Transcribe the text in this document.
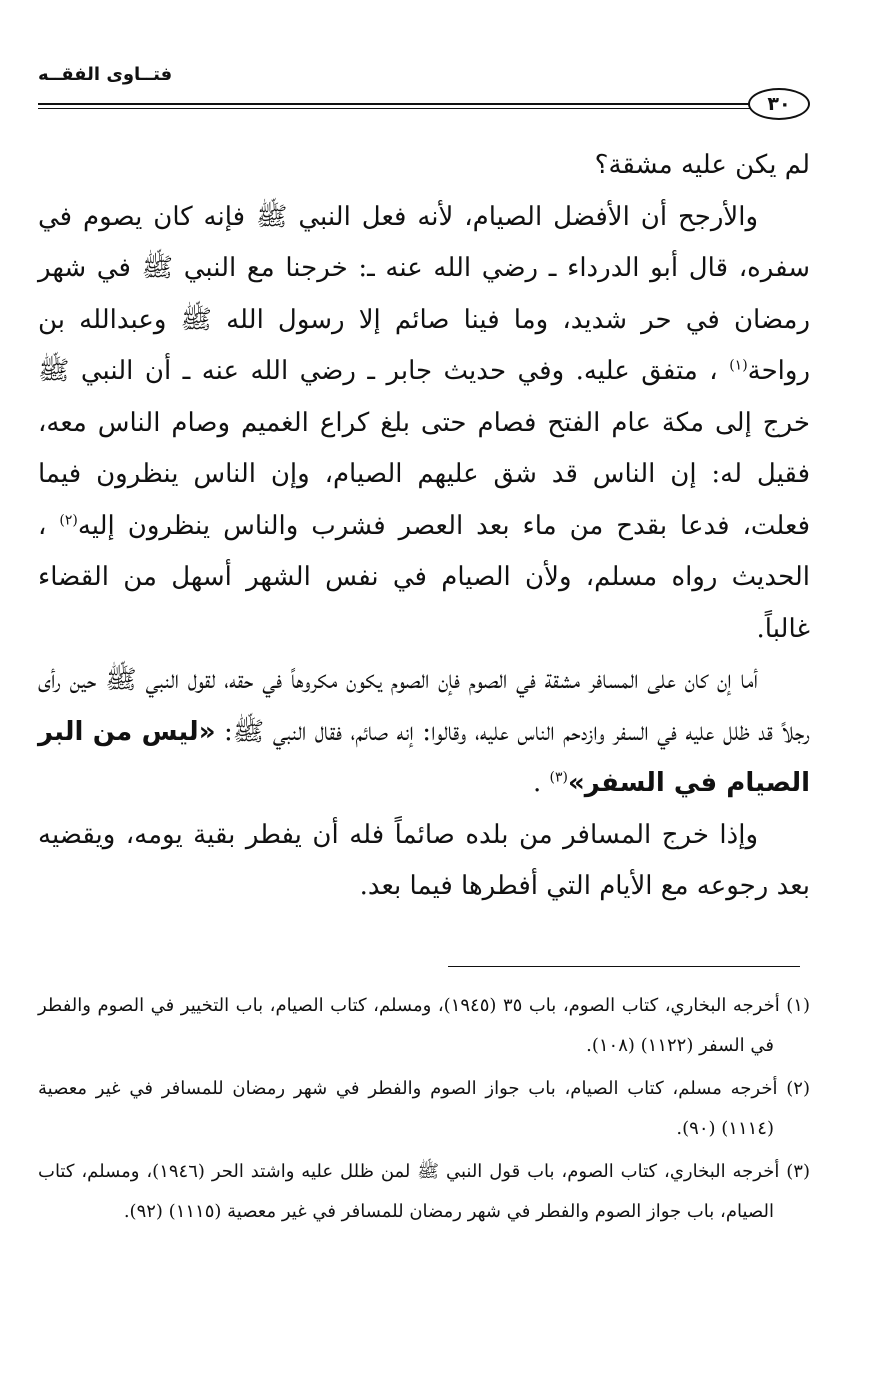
فتــاوى الفقــه
٣٠

لم يكن عليه مشقة؟

والأرجح أن الأفضل الصيام، لأنه فعل النبي ﷺ فإنه كان يصوم في سفره، قال أبو الدرداء ـ رضي الله عنه ـ: خرجنا مع النبي ﷺ في شهر رمضان في حر شديد، وما فينا صائم إلا رسول الله ﷺ وعبدالله بن رواحة$^{(١)}$ ، متفق عليه. وفي حديث جابر ـ رضي الله عنه ـ أن النبي ﷺ خرج إلى مكة عام الفتح فصام حتى بلغ كراع الغميم وصام الناس معه، فقيل له: إن الناس قد شق عليهم الصيام، وإن الناس ينظرون فيما فعلت، فدعا بقدح من ماء بعد العصر فشرب والناس ينظرون إليه$^{(٢)}$ ، الحديث رواه مسلم، ولأن الصيام في نفس الشهر أسهل من القضاء غالباً.

أما إن كان على المسافر مشقة في الصوم فإن الصوم يكون مكروهاً في حقه، لقول النبي ﷺ حين رأى رجلاً قد ظلل عليه في السفر وازدحم الناس عليه، وقالوا: إنه صائم، فقال النبي ﷺ: «ليس من البر الصيام في السفر»$^{(٣)}$ .

وإذا خرج المسافر من بلده صائماً فله أن يفطر بقية يومه، ويقضيه بعد رجوعه مع الأيام التي أفطرها فيما بعد.

(١) أخرجه البخاري، كتاب الصوم، باب ٣٥ (١٩٤٥)، ومسلم، كتاب الصيام، باب التخيير في الصوم والفطر في السفر (١١٢٢) (١٠٨).

(٢) أخرجه مسلم، كتاب الصيام، باب جواز الصوم والفطر في شهر رمضان للمسافر في غير معصية (١١١٤) (٩٠).

(٣) أخرجه البخاري، كتاب الصوم، باب قول النبي ﷺ لمن ظلل عليه واشتد الحر (١٩٤٦)، ومسلم، كتاب الصيام، باب جواز الصوم والفطر في شهر رمضان للمسافر في غير معصية (١١١٥) (٩٢).
